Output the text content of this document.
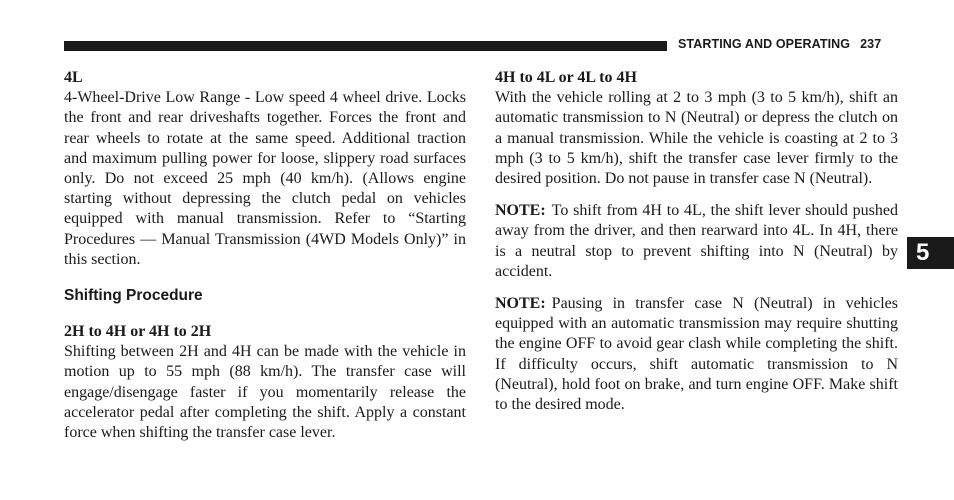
STARTING AND OPERATING 237
4L

4-Wheel-Drive Low Range - Low speed 4 wheel drive. Locks the front and rear driveshafts together. Forces the front and rear wheels to rotate at the same speed. Additional traction and maximum pulling power for loose, slippery road surfaces only. Do not exceed 25 mph (40 km/h). (Allows engine starting without depressing the clutch pedal on vehicles equipped with manual transmission. Refer to “Starting Procedures — Manual Transmission (4WD Models Only)” in this section.

Shifting Procedure
2H to 4H or 4H to 2H

Shifting between 2H and 4H can be made with the vehicle in motion up to 55 mph (88 km/h). The transfer case will engage/disengage faster if you momentarily release the accelerator pedal after completing the shift. Apply a constant force when shifting the transfer case lever.

4H to 4L or 4L to 4H

With the vehicle rolling at 2 to 3 mph (3 to 5 km/h), shift an automatic transmission to N (Neutral) or depress the clutch on a manual transmission. While the vehicle is coasting at 2 to 3 mph (3 to 5 km/h), shift the transfer case lever firmly to the desired position. Do not pause in transfer case N (Neutral).

NOTE: To shift from 4H to 4L, the shift lever should pushed away from the driver, and then rearward into 4L. In 4H, there is a neutral stop to prevent shifting into N (Neutral) by accident.

NOTE: Pausing in transfer case N (Neutral) in vehicles equipped with an automatic transmission may require shutting the engine OFF to avoid gear clash while completing the shift. If difficulty occurs, shift automatic transmission to N (Neutral), hold foot on brake, and turn engine OFF. Make shift to the desired mode.

5
